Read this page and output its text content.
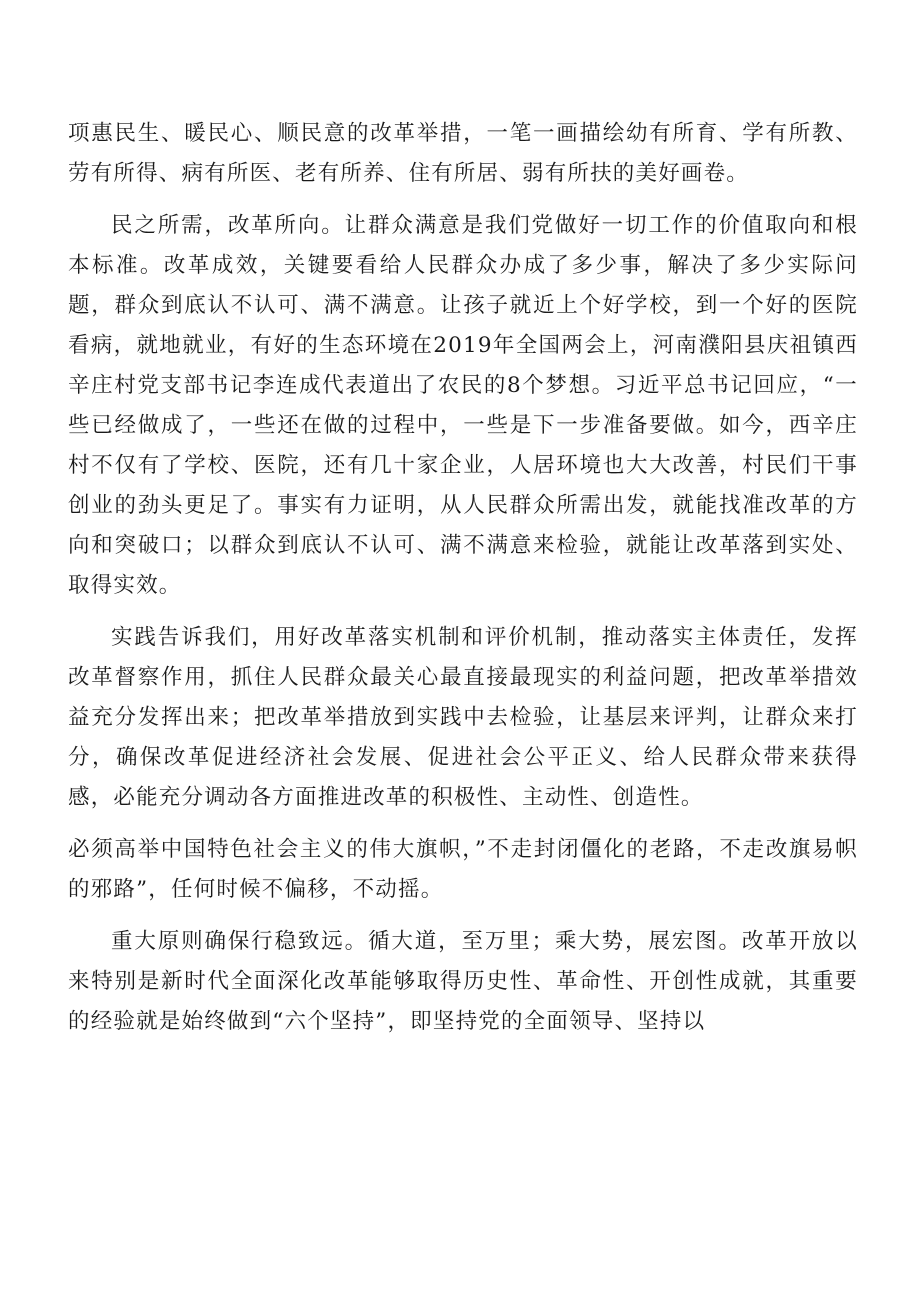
项惠民生、暖民心、顺民意的改革举措，一笔一画描绘幼有所育、学有所教、劳有所得、病有所医、老有所养、住有所居、弱有所扶的美好画卷。

民之所需，改革所向。让群众满意是我们党做好一切工作的价值取向和根本标准。改革成效，关键要看给人民群众办成了多少事，解决了多少实际问题，群众到底认不认可、满不满意。让孩子就近上个好学校，到一个好的医院看病，就地就业，有好的生态环境在2019年全国两会上，河南濮阳县庆祖镇西辛庄村党支部书记李连成代表道出了农民的8个梦想。习近平总书记回应，“一些已经做成了，一些还在做的过程中，一些是下一步准备要做。如今，西辛庄村不仅有了学校、医院，还有几十家企业，人居环境也大大改善，村民们干事创业的劲头更足了。事实有力证明，从人民群众所需出发，就能找准改革的方向和突破口；以群众到底认不认可、满不满意来检验，就能让改革落到实处、取得实效。

实践告诉我们，用好改革落实机制和评价机制，推动落实主体责任，发挥改革督察作用，抓住人民群众最关心最直接最现实的利益问题，把改革举措效益充分发挥出来；把改革举措放到实践中去检验，让基层来评判，让群众来打分，确保改革促进经济社会发展、促进社会公平正义、给人民群众带来获得感，必能充分调动各方面推进改革的积极性、主动性、创造性。

必须高举中国特色社会主义的伟大旗帜，”不走封闭僵化的老路，不走改旗易帜的邪路”，任何时候不偏移，不动摇。

重大原则确保行稳致远。循大道，至万里；乘大势，展宏图。改革开放以来特别是新时代全面深化改革能够取得历史性、革命性、开创性成就，其重要的经验就是始终做到“六个坚持”，即坚持党的全面领导、坚持以
